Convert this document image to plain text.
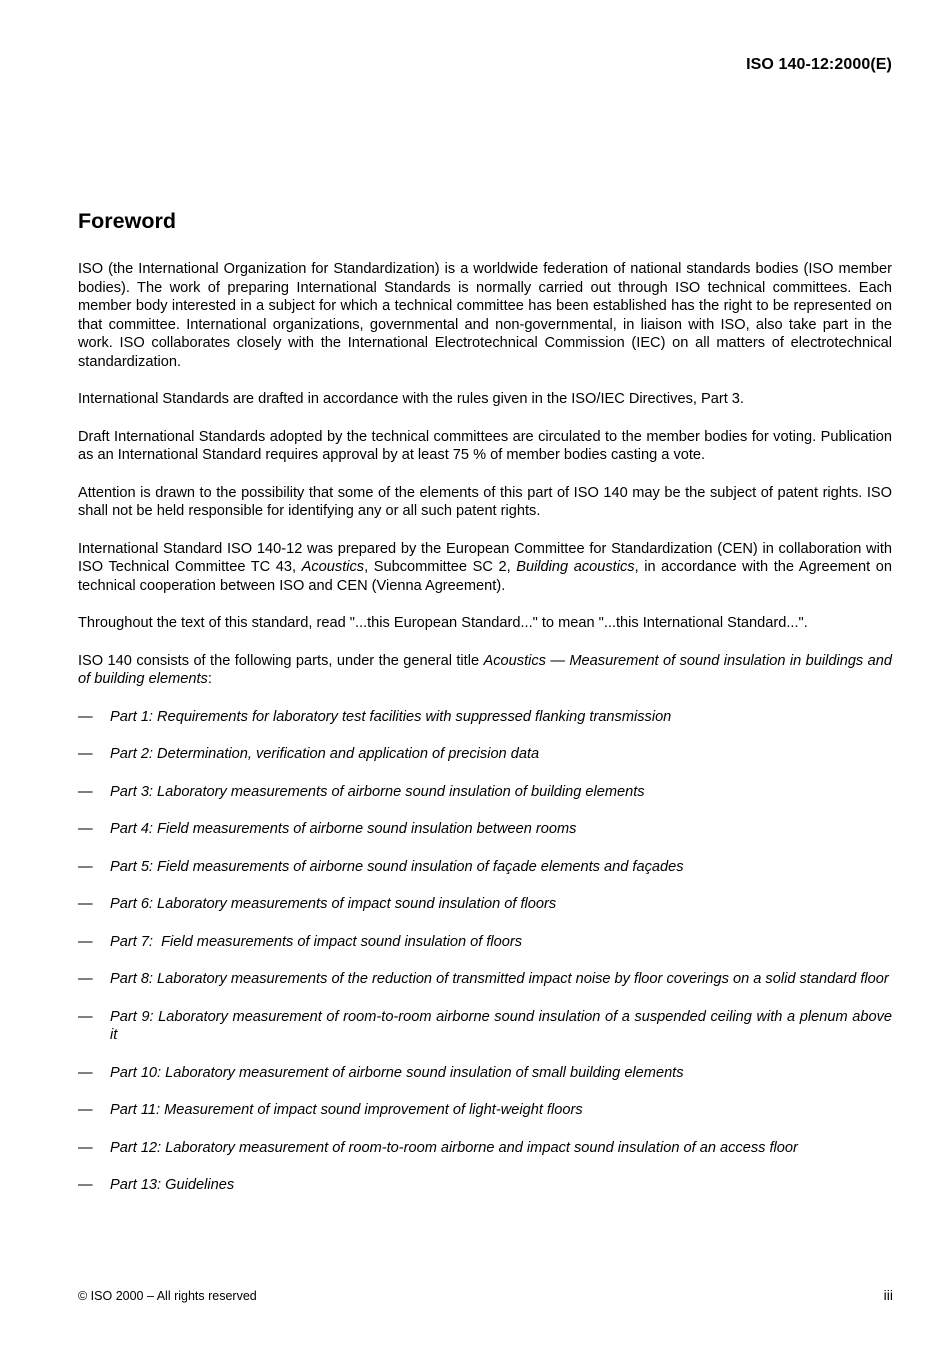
ISO 140-12:2000(E)
Foreword

ISO (the International Organization for Standardization) is a worldwide federation of national standards bodies (ISO member bodies). The work of preparing International Standards is normally carried out through ISO technical committees. Each member body interested in a subject for which a technical committee has been established has the right to be represented on that committee. International organizations, governmental and non-governmental, in liaison with ISO, also take part in the work. ISO collaborates closely with the International Electrotechnical Commission (IEC) on all matters of electrotechnical standardization.

International Standards are drafted in accordance with the rules given in the ISO/IEC Directives, Part 3.

Draft International Standards adopted by the technical committees are circulated to the member bodies for voting. Publication as an International Standard requires approval by at least 75 % of member bodies casting a vote.

Attention is drawn to the possibility that some of the elements of this part of ISO 140 may be the subject of patent rights. ISO shall not be held responsible for identifying any or all such patent rights.

International Standard ISO 140-12 was prepared by the European Committee for Standardization (CEN) in collaboration with ISO Technical Committee TC 43, Acoustics, Subcommittee SC 2, Building acoustics, in accordance with the Agreement on technical cooperation between ISO and CEN (Vienna Agreement).

Throughout the text of this standard, read "...this European Standard..." to mean "...this International Standard...".

ISO 140 consists of the following parts, under the general title Acoustics — Measurement of sound insulation in buildings and of building elements:

— Part 1: Requirements for laboratory test facilities with suppressed flanking transmission
— Part 2: Determination, verification and application of precision data
— Part 3: Laboratory measurements of airborne sound insulation of building elements
— Part 4: Field measurements of airborne sound insulation between rooms
— Part 5: Field measurements of airborne sound insulation of façade elements and façades
— Part 6: Laboratory measurements of impact sound insulation of floors
— Part 7:  Field measurements of impact sound insulation of floors
— Part 8: Laboratory measurements of the reduction of transmitted impact noise by floor coverings on a solid standard floor
— Part 9: Laboratory measurement of room-to-room airborne sound insulation of a suspended ceiling with a plenum above it
— Part 10: Laboratory measurement of airborne sound insulation of small building elements
— Part 11: Measurement of impact sound improvement of light-weight floors
— Part 12: Laboratory measurement of room-to-room airborne and impact sound insulation of an access floor
— Part 13: Guidelines
© ISO 2000 – All rights reserved	iii
